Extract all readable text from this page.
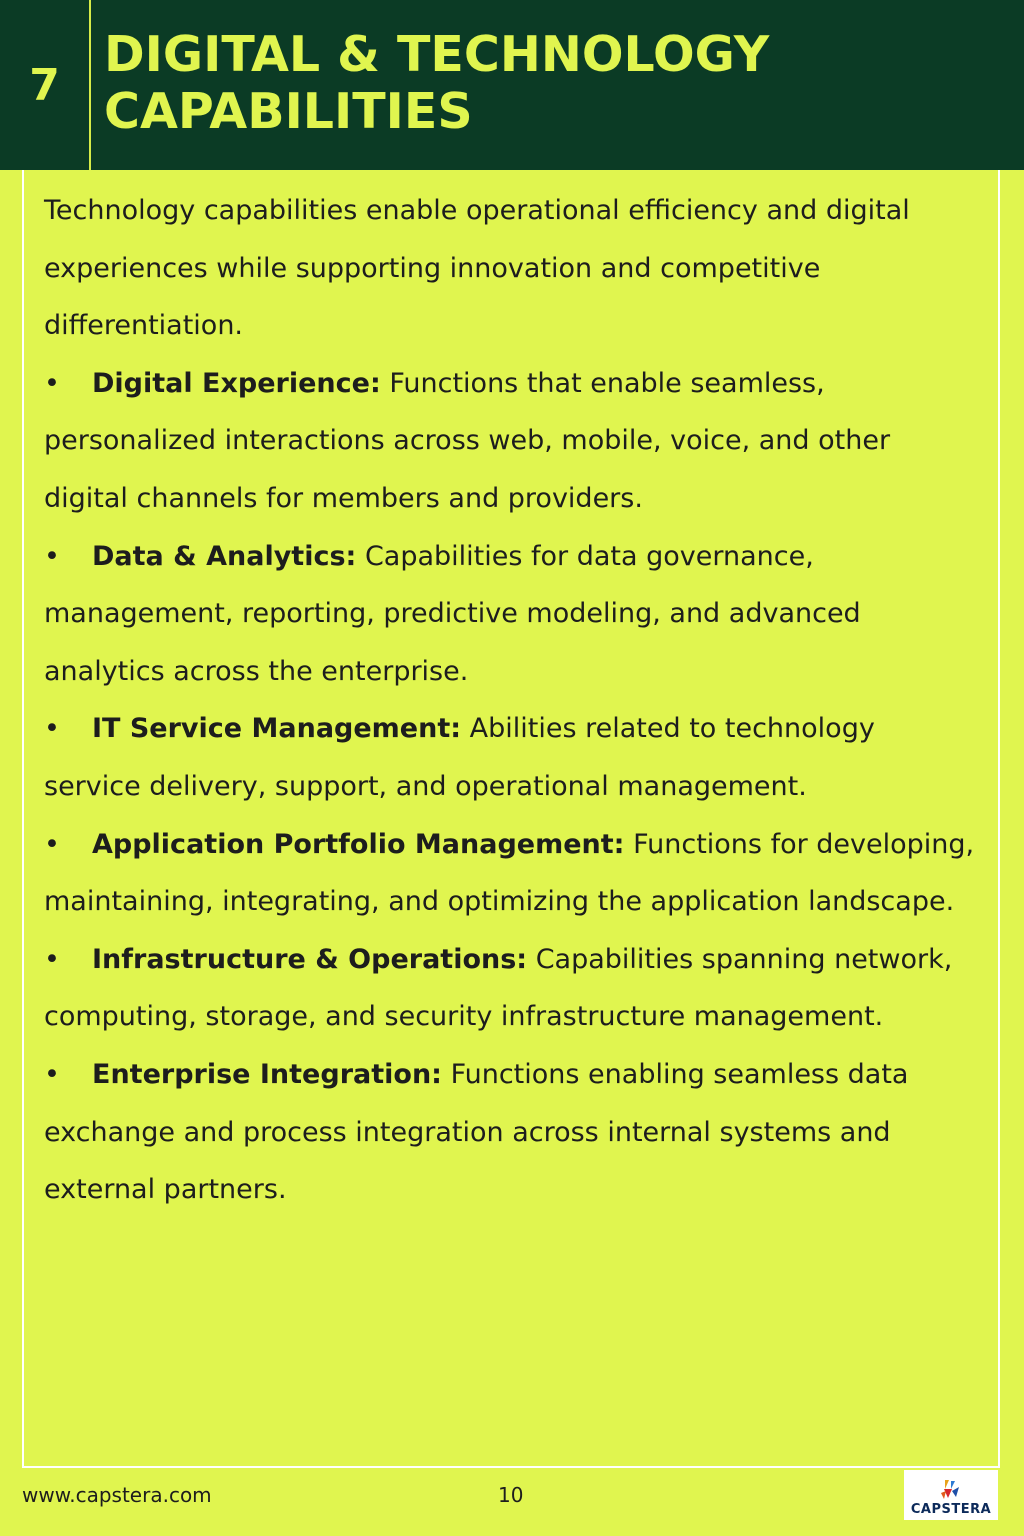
7
DIGITAL & TECHNOLOGY
CAPABILITIES

Technology capabilities enable operational efficiency and digital experiences while supporting innovation and competitive differentiation.

• Digital Experience: Functions that enable seamless, personalized interactions across web, mobile, voice, and other digital channels for members and providers.

• Data & Analytics: Capabilities for data governance, management, reporting, predictive modeling, and advanced analytics across the enterprise.

• IT Service Management: Abilities related to technology service delivery, support, and operational management.

• Application Portfolio Management: Functions for developing, maintaining, integrating, and optimizing the application landscape.

• Infrastructure & Operations: Capabilities spanning network, computing, storage, and security infrastructure management.

• Enterprise Integration: Functions enabling seamless data exchange and process integration across internal systems and external partners.

www.capstera.com	10
CAPSTERA
